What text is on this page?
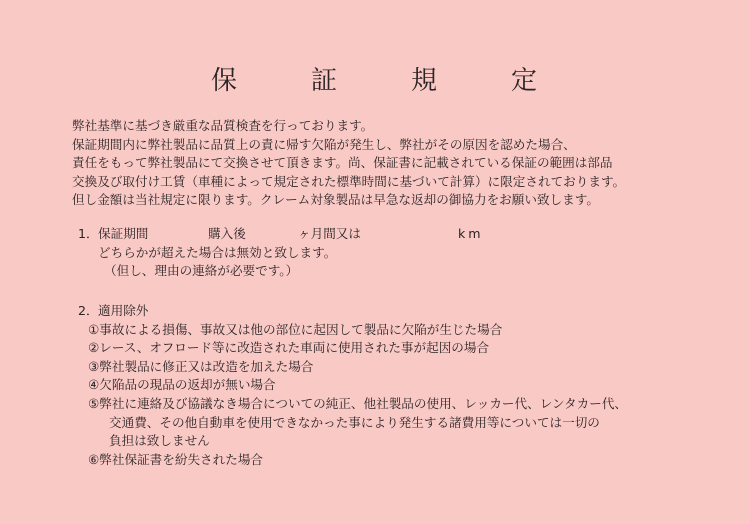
保	証	規	定
弊社基準に基づき厳重な品質検査を行っております。
保証期間内に弊社製品に品質上の責に帰す欠陥が発生し、弊社がその原因を認めた場合、
責任をもって弊社製品にて交換させて頂きます。尚、保証書に記載されている保証の範囲は部品
交換及び取付け工賃（車種によって規定された標準時間に基づいて計算）に限定されております。
但し金額は当社規定に限ります。クレーム対象製品は早急な返却の御協力をお願い致します。
1． 保証期間	購入後	ヶ月間又は	km
どちらかが超えた場合は無効と致します。
（但し、理由の連絡が必要です。）
2．適用除外
①事故による損傷、事故又は他の部位に起因して製品に欠陥が生じた場合
②レース、オフロード等に改造された車両に使用された事が起因の場合
③弊社製品に修正又は改造を加えた場合
④欠陥品の現品の返却が無い場合
⑤弊社に連絡及び協議なき場合についての純正、他社製品の使用、レッカー代、レンタカー代、
交通費、その他自動車を使用できなかった事により発生する諸費用等については一切の
負担は致しません
⑥弊社保証書を紛失された場合
